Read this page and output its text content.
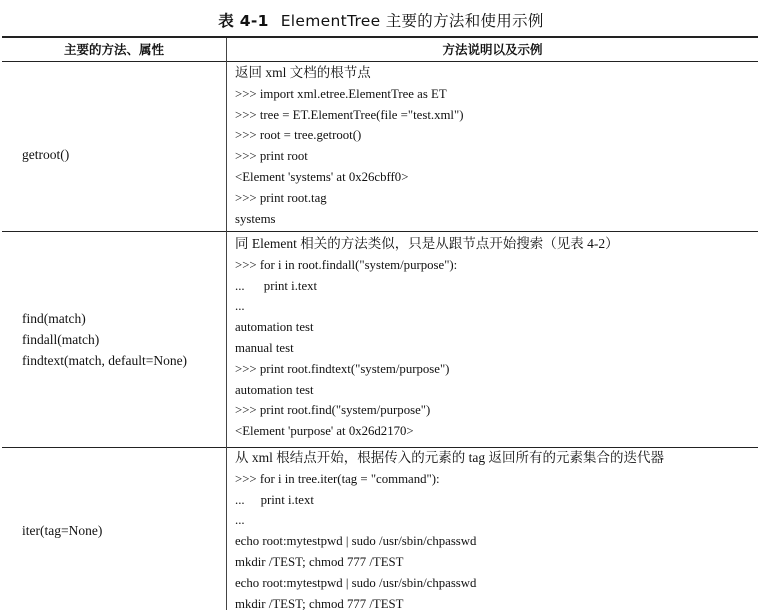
表 4-1 ElementTree 主要的方法和使用示例
主要的方法、属性	方法说明以及示例
getroot()
返回 xml 文档的根节点
>>> import xml.etree.ElementTree as ET
>>> tree = ET.ElementTree(file ="test.xml")
>>> root = tree.getroot()
>>> print root
<Element 'systems' at 0x26cbff0>
>>> print root.tag
systems
find(match)
findall(match)
findtext(match, default=None)
同 Element 相关的方法类似，只是从跟节点开始搜索（见表 4-2）
>>> for i in root.findall("system/purpose"):
...      print i.text
...
automation test
manual test
>>> print root.findtext("system/purpose")
automation test
>>> print root.find("system/purpose")
<Element 'purpose' at 0x26d2170>
iter(tag=None)
从 xml 根结点开始，根据传入的元素的 tag 返回所有的元素集合的迭代器
>>> for i in tree.iter(tag = "command"):
...     print i.text
...
echo root:mytestpwd | sudo /usr/sbin/chpasswd
mkdir /TEST; chmod 777 /TEST
echo root:mytestpwd | sudo /usr/sbin/chpasswd
mkdir /TEST; chmod 777 /TEST
